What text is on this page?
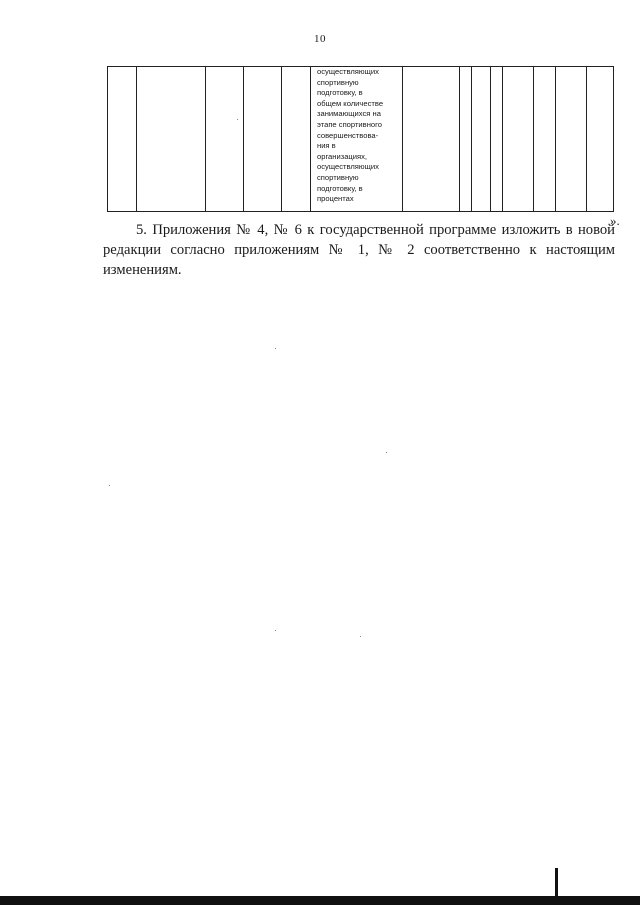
10

осуществляющих
спортивную
подготовку, в
общем количестве
занимающихся на
этапе спортивного
совершенствова-
ния в
организациях,
осуществляющих
спортивную
подготовку, в
процентах

».
5. Приложения № 4, № 6 к государственной программе изложить в новой
редакции согласно приложениям № 1, № 2 соответственно к настоящим
изменениям.
